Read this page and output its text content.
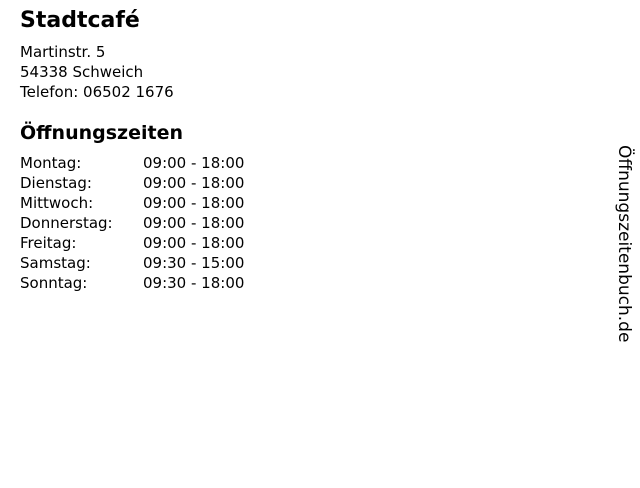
Stadtcafé
Martinstr. 5
54338 Schweich
Telefon: 06502 1676
Öffnungszeiten
Montag:	09:00 - 18:00
Dienstag:	09:00 - 18:00
Mittwoch:	09:00 - 18:00
Donnerstag:	09:00 - 18:00
Freitag:	09:00 - 18:00
Samstag:	09:30 - 15:00
Sonntag:	09:30 - 18:00	Öffnungszeitenbuch.de
